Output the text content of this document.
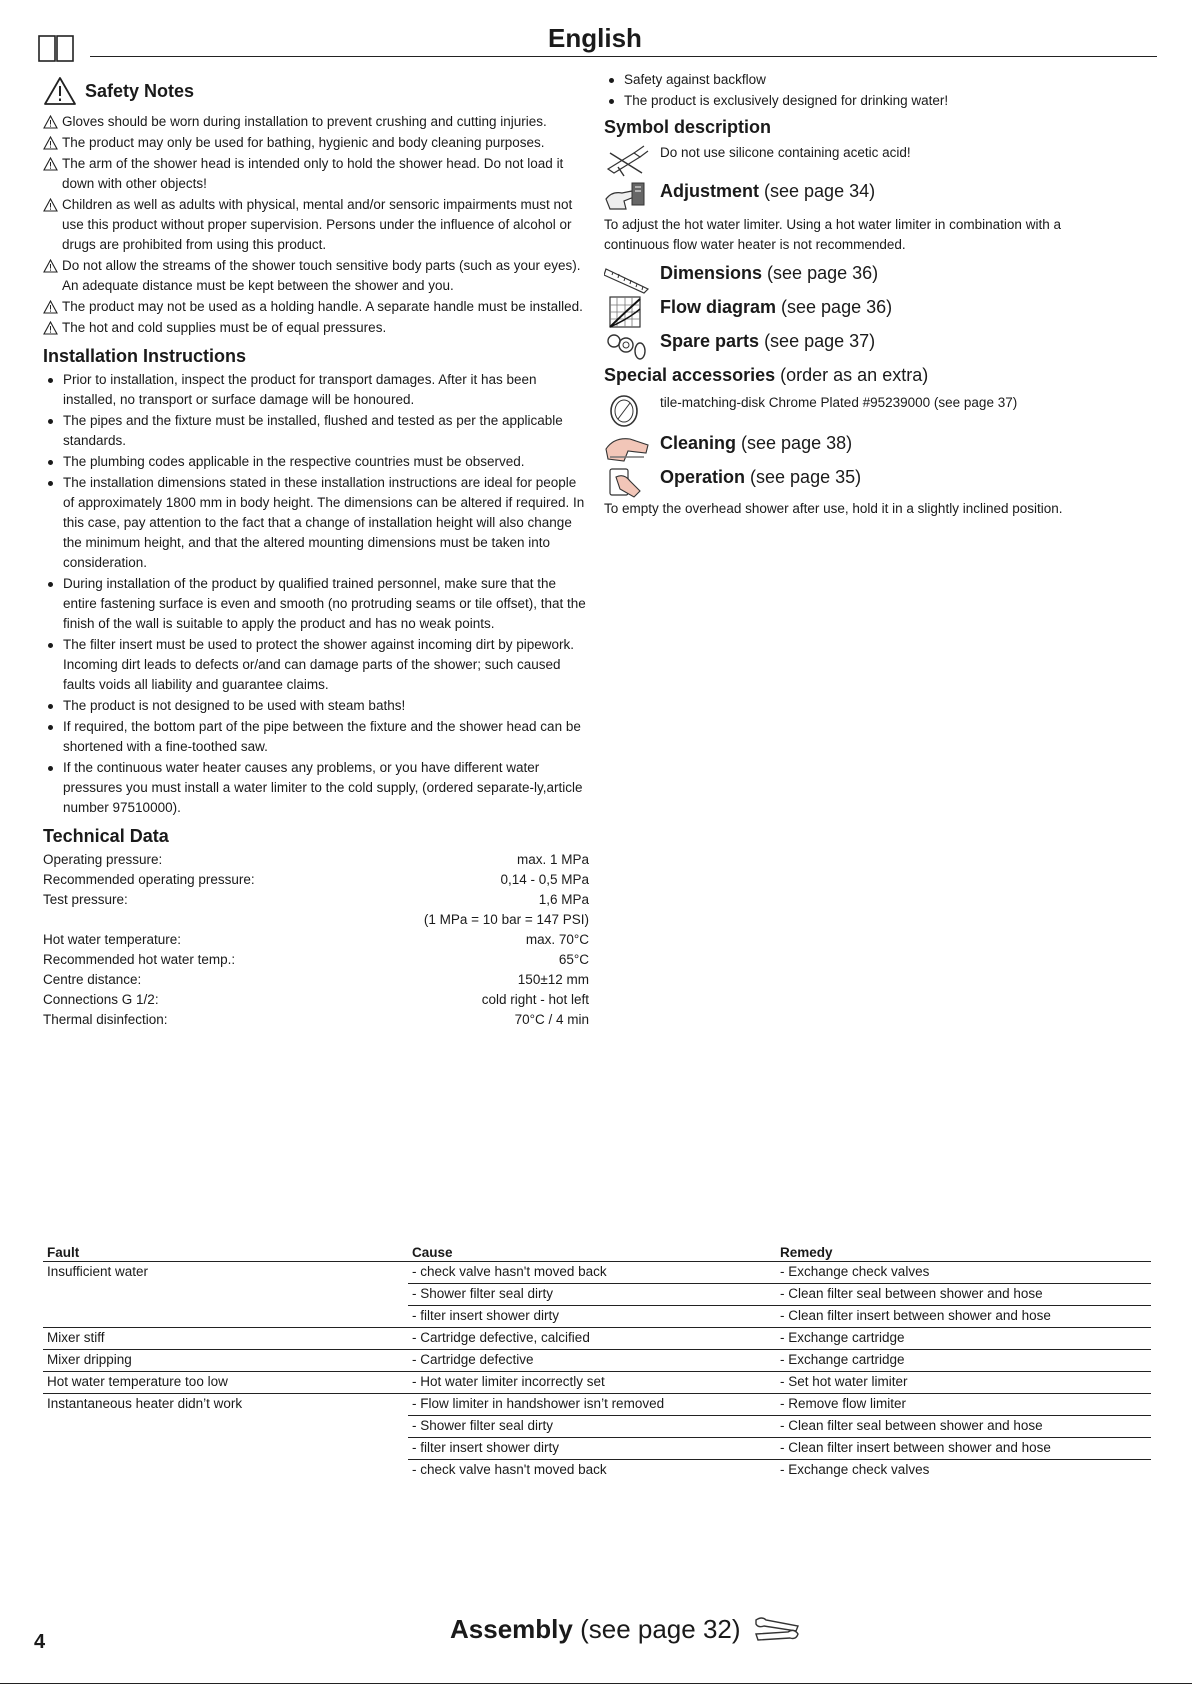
English
Safety Notes
Gloves should be worn during installation to prevent crushing and cutting injuries.
The product may only be used for bathing, hygienic and body cleaning purposes.
The arm of the shower head is intended only to hold the shower head. Do not load it down with other objects!
Children as well as adults with physical, mental and/or sensoric impairments must not use this product without proper supervision. Persons under the influence of alcohol or drugs are prohibited from using this product.
Do not allow the streams of the shower touch sensitive body parts (such as your eyes). An adequate distance must be kept between the shower and you.
The product may not be used as a holding handle. A separate handle must be installed.
The hot and cold supplies must be of equal pressures.
Installation Instructions
Prior to installation, inspect the product for transport damages. After it has been installed, no transport or surface damage will be honoured.
The pipes and the fixture must be installed, flushed and tested as per the applicable standards.
The plumbing codes applicable in the respective countries must be observed.
The installation dimensions stated in these installation instructions are ideal for people of approximately 1800 mm in body height. The dimensions can be altered if required. In this case, pay attention to the fact that a change of installation height will also change the minimum height, and that the altered mounting dimensions must be taken into consideration.
During installation of the product by qualified trained personnel, make sure that the entire fastening surface is even and smooth (no protruding seams or tile offset), that the finish of the wall is suitable to apply the product and has no weak points.
The filter insert must be used to protect the shower against incoming dirt by pipework. Incoming dirt leads to defects or/and can damage parts of the shower; such caused faults voids all liability and guarantee claims.
The product is not designed to be used with steam baths!
If required, the bottom part of the pipe between the fixture and the shower head can be shortened with a fine-toothed saw.
If the continuous water heater causes any problems, or you have different water pressures you must install a water limiter to the cold supply, (ordered separate-ly,article number 97510000).
Technical Data
Operating pressure:	max. 1 MPa
Recommended operating pressure:	0,14 - 0,5 MPa
Test pressure:	1,6 MPa
(1 MPa = 10 bar = 147 PSI)
Hot water temperature:	max. 70°C
Recommended hot water temp.:	65°C
Centre distance:	150±12 mm
Connections G 1/2:	cold right - hot left
Thermal disinfection:	70°C / 4 min
Safety against backflow
The product is exclusively designed for drinking water!
Symbol description
Do not use silicone containing acetic acid!
Adjustment (see page 34)

To adjust the hot water limiter. Using a hot water limiter in combination with a continuous flow water heater is not recommended.

Dimensions (see page 36)
Flow diagram (see page 36)
Spare parts (see page 37)
Special accessories (order as an extra)
tile-matching-disk Chrome Plated #95239000 (see page 37)
Cleaning (see page 38)
Operation (see page 35)

To empty the overhead shower after use, hold it in a slightly inclined position.

Fault	Cause	Remedy
Insufficient water	- check valve hasn't moved back	- Exchange check valves
	- Shower filter seal dirty	- Clean filter seal between shower and hose
	- filter insert shower dirty	- Clean filter insert between shower and hose
Mixer stiff	- Cartridge defective, calcified	- Exchange cartridge
Mixer dripping	- Cartridge defective	- Exchange cartridge
Hot water temperature too low	- Hot water limiter incorrectly set	- Set hot water limiter
Instantaneous heater didn’t work	- Flow limiter in handshower isn’t removed	- Remove flow limiter
	- Shower filter seal dirty	- Clean filter seal between shower and hose
	- filter insert shower dirty	- Clean filter insert between shower and hose
	- check valve hasn't moved back	- Exchange check valves
4	Assembly (see page 32)
